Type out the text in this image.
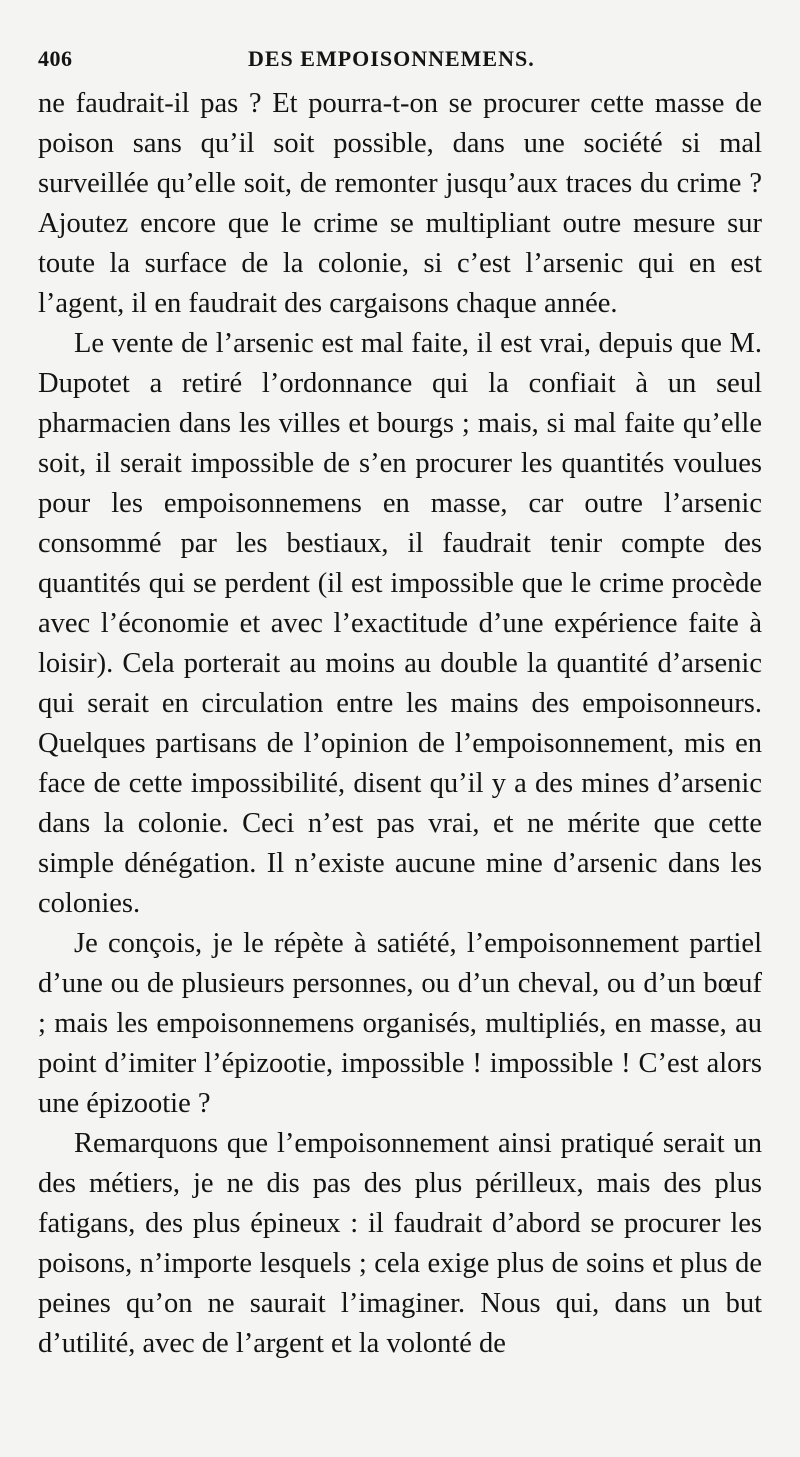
406	DES EMPOISONNEMENS.

ne faudrait-il pas ? Et pourra-t-on se procurer cette masse de poison sans qu’il soit possible, dans une société si mal surveillée qu’elle soit, de remonter jusqu’aux traces du crime ? Ajoutez encore que le crime se multipliant outre mesure sur toute la surface de la colonie, si c’est l’arsenic qui en est l’agent, il en faudrait des cargaisons chaque année.

Le vente de l’arsenic est mal faite, il est vrai, depuis que M. Dupotet a retiré l’ordonnance qui la confiait à un seul pharmacien dans les villes et bourgs ; mais, si mal faite qu’elle soit, il serait impossible de s’en procurer les quantités voulues pour les empoisonnemens en masse, car outre l’arsenic consommé par les bestiaux, il faudrait tenir compte des quantités qui se perdent (il est impossible que le crime procède avec l’économie et avec l’exactitude d’une expérience faite à loisir). Cela porterait au moins au double la quantité d’arsenic qui serait en circulation entre les mains des empoisonneurs. Quelques partisans de l’opinion de l’empoisonnement, mis en face de cette impossibilité, disent qu’il y a des mines d’arsenic dans la colonie. Ceci n’est pas vrai, et ne mérite que cette simple dénégation. Il n’existe aucune mine d’arsenic dans les colonies.

Je conçois, je le répète à satiété, l’empoisonnement partiel d’une ou de plusieurs personnes, ou d’un cheval, ou d’un bœuf ; mais les empoisonnemens organisés, multipliés, en masse, au point d’imiter l’épizootie, impossible ! impossible ! C’est alors une épizootie ?

Remarquons que l’empoisonnement ainsi pratiqué serait un des métiers, je ne dis pas des plus périlleux, mais des plus fatigans, des plus épineux : il faudrait d’abord se procurer les poisons, n’importe lesquels ; cela exige plus de soins et plus de peines qu’on ne saurait l’imaginer. Nous qui, dans un but d’utilité, avec de l’argent et la volonté de
